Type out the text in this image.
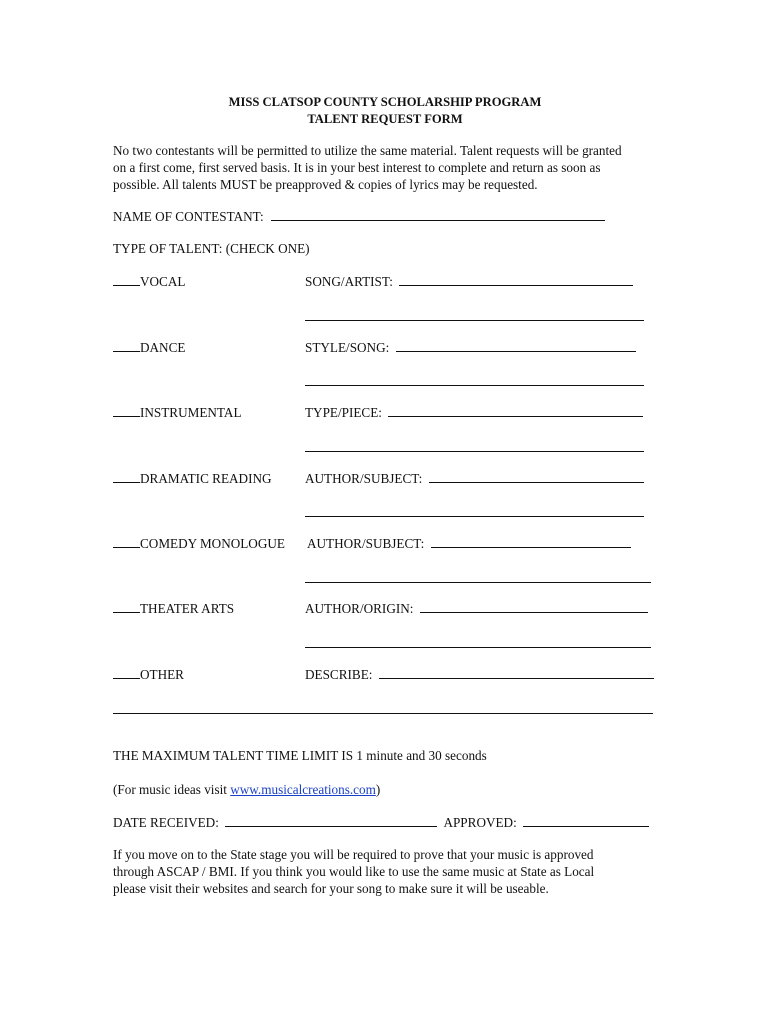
MISS CLATSOP COUNTY SCHOLARSHIP PROGRAM
TALENT REQUEST FORM
No two contestants will be permitted to utilize the same material. Talent requests will be granted
on a first come, first served basis. It is in your best interest to complete and return as soon as
possible. All talents MUST be preapproved & copies of lyrics may be requested.
NAME OF CONTESTANT:
TYPE OF TALENT: (CHECK ONE)
VOCAL	SONG/ARTIST:
DANCE	STYLE/SONG:
INSTRUMENTAL	TYPE/PIECE:
DRAMATIC READING	AUTHOR/SUBJECT:
COMEDY MONOLOGUE AUTHOR/SUBJECT:
THEATER ARTS	AUTHOR/ORIGIN:
OTHER	DESCRIBE:
THE MAXIMUM TALENT TIME LIMIT IS 1 minute and 30 seconds
(For music ideas visit www.musicalcreations.com)
DATE RECEIVED:	APPROVED:
If you move on to the State stage you will be required to prove that your music is approved
through ASCAP / BMI. If you think you would like to use the same music at State as Local
please visit their websites and search for your song to make sure it will be useable.
